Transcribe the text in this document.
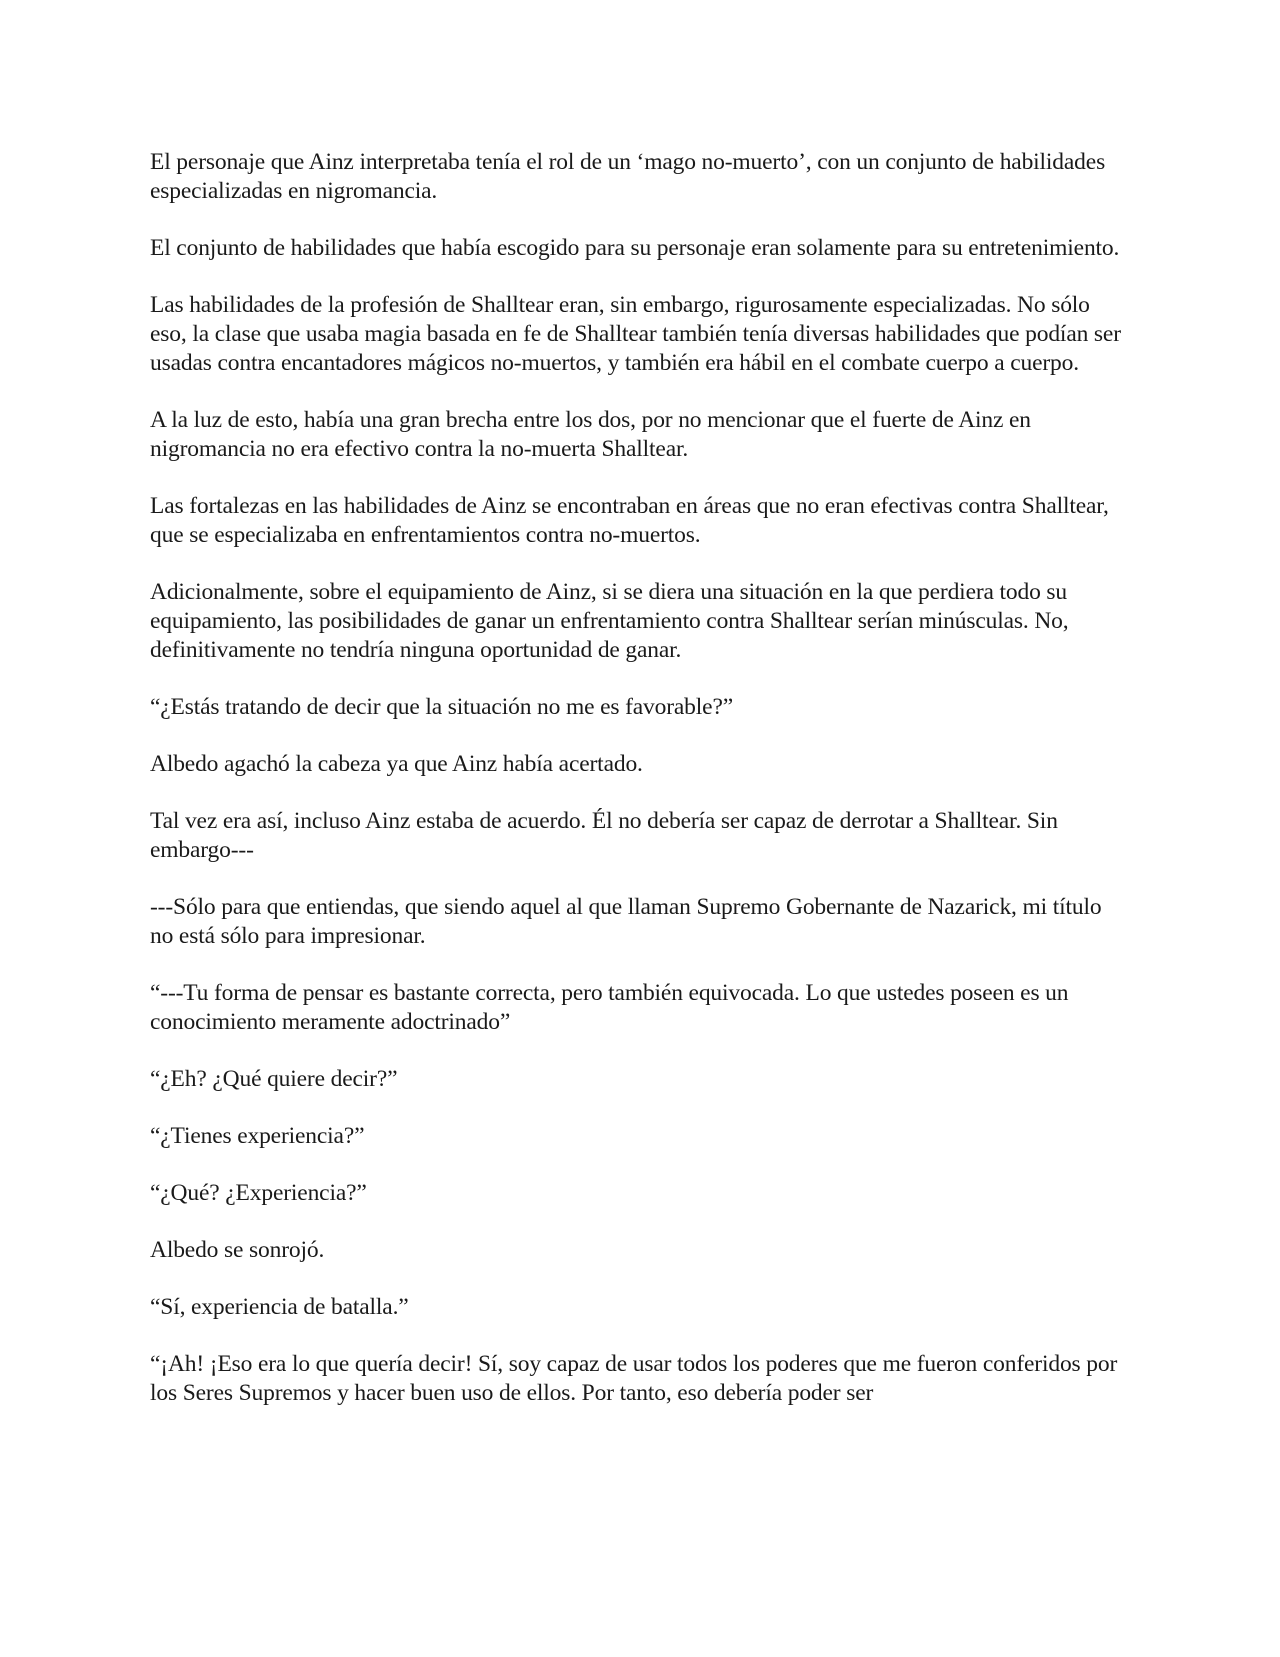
El personaje que Ainz interpretaba tenía el rol de un ‘mago no-muerto’, con un conjunto de habilidades especializadas en nigromancia.

El conjunto de habilidades que había escogido para su personaje eran solamente para su entretenimiento.

Las habilidades de la profesión de Shalltear eran, sin embargo, rigurosamente especializadas. No sólo eso, la clase que usaba magia basada en fe de Shalltear también tenía diversas habilidades que podían ser usadas contra encantadores mágicos no-muertos, y también era hábil en el combate cuerpo a cuerpo.

A la luz de esto, había una gran brecha entre los dos, por no mencionar que el fuerte de Ainz en nigromancia no era efectivo contra la no-muerta Shalltear.

Las fortalezas en las habilidades de Ainz se encontraban en áreas que no eran efectivas contra Shalltear, que se especializaba en enfrentamientos contra no-muertos.

Adicionalmente, sobre el equipamiento de Ainz, si se diera una situación en la que perdiera todo su equipamiento, las posibilidades de ganar un enfrentamiento contra Shalltear serían minúsculas. No, definitivamente no tendría ninguna oportunidad de ganar.

“¿Estás tratando de decir que la situación no me es favorable?”

Albedo agachó la cabeza ya que Ainz había acertado.

Tal vez era así, incluso Ainz estaba de acuerdo. Él no debería ser capaz de derrotar a Shalltear. Sin embargo---

---Sólo para que entiendas, que siendo aquel al que llaman Supremo Gobernante de Nazarick, mi título no está sólo para impresionar.

“---Tu forma de pensar es bastante correcta, pero también equivocada. Lo que ustedes poseen es un conocimiento meramente adoctrinado”

“¿Eh? ¿Qué quiere decir?”

“¿Tienes experiencia?”

“¿Qué? ¿Experiencia?”

Albedo se sonrojó.

“Sí, experiencia de batalla.”

“¡Ah! ¡Eso era lo que quería decir! Sí, soy capaz de usar todos los poderes que me fueron conferidos por los Seres Supremos y hacer buen uso de ellos. Por tanto, eso debería poder ser
